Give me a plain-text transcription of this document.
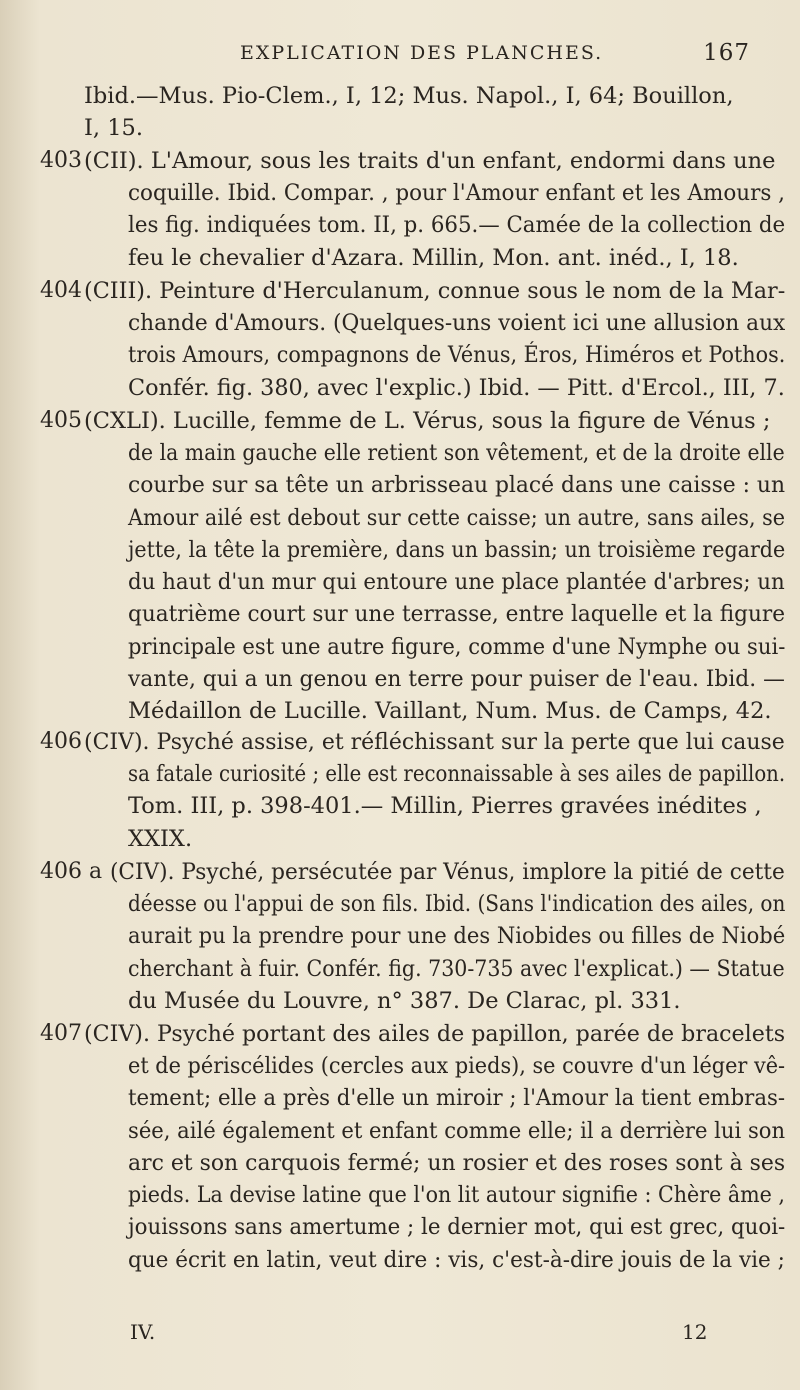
EXPLICATION DES PLANCHES.	167
Ibid.—Mus. Pio-Clem., I, 12; Mus. Napol., I, 64; Bouillon,
I, 15.
403 (CII). L'Amour, sous les traits d'un enfant, endormi dans une
coquille. Ibid. Compar. , pour l'Amour enfant et les Amours ,
les fig. indiquées tom. II, p. 665.— Camée de la collection de
feu le chevalier d'Azara. Millin, Mon. ant. inéd., I, 18.
404 (CIII). Peinture d'Herculanum, connue sous le nom de la Mar-
chande d'Amours. (Quelques-uns voient ici une allusion aux
trois Amours, compagnons de Vénus, Éros, Himéros et Pothos.
Confér. fig. 380, avec l'explic.) Ibid. — Pitt. d'Ercol., III, 7.
405 (CXLI). Lucille, femme de L. Vérus, sous la figure de Vénus ;
de la main gauche elle retient son vêtement, et de la droite elle
courbe sur sa tête un arbrisseau placé dans une caisse : un
Amour ailé est debout sur cette caisse; un autre, sans ailes, se
jette, la tête la première, dans un bassin; un troisième regarde
du haut d'un mur qui entoure une place plantée d'arbres; un
quatrième court sur une terrasse, entre laquelle et la figure
principale est une autre figure, comme d'une Nymphe ou sui-
vante, qui a un genou en terre pour puiser de l'eau. Ibid. —
Médaillon de Lucille. Vaillant, Num. Mus. de Camps, 42.
406 (CIV). Psyché assise, et réfléchissant sur la perte que lui cause
sa fatale curiosité ; elle est reconnaissable à ses ailes de papillon.
Tom. III, p. 398-401.— Millin, Pierres gravées inédites ,
XXIX.
406 a (CIV). Psyché, persécutée par Vénus, implore la pitié de cette
déesse ou l'appui de son fils. Ibid. (Sans l'indication des ailes, on
aurait pu la prendre pour une des Niobides ou filles de Niobé
cherchant à fuir. Confér. fig. 730-735 avec l'explicat.) — Statue
du Musée du Louvre, n° 387. De Clarac, pl. 331.
407 (CIV). Psyché portant des ailes de papillon, parée de bracelets
et de périscélides (cercles aux pieds), se couvre d'un léger vê-
tement; elle a près d'elle un miroir ; l'Amour la tient embras-
sée, ailé également et enfant comme elle; il a derrière lui son
arc et son carquois fermé; un rosier et des roses sont à ses
pieds. La devise latine que l'on lit autour signifie : Chère âme ,
jouissons sans amertume ; le dernier mot, qui est grec, quoi-
que écrit en latin, veut dire : vis, c'est-à-dire jouis de la vie ;
IV.	12
